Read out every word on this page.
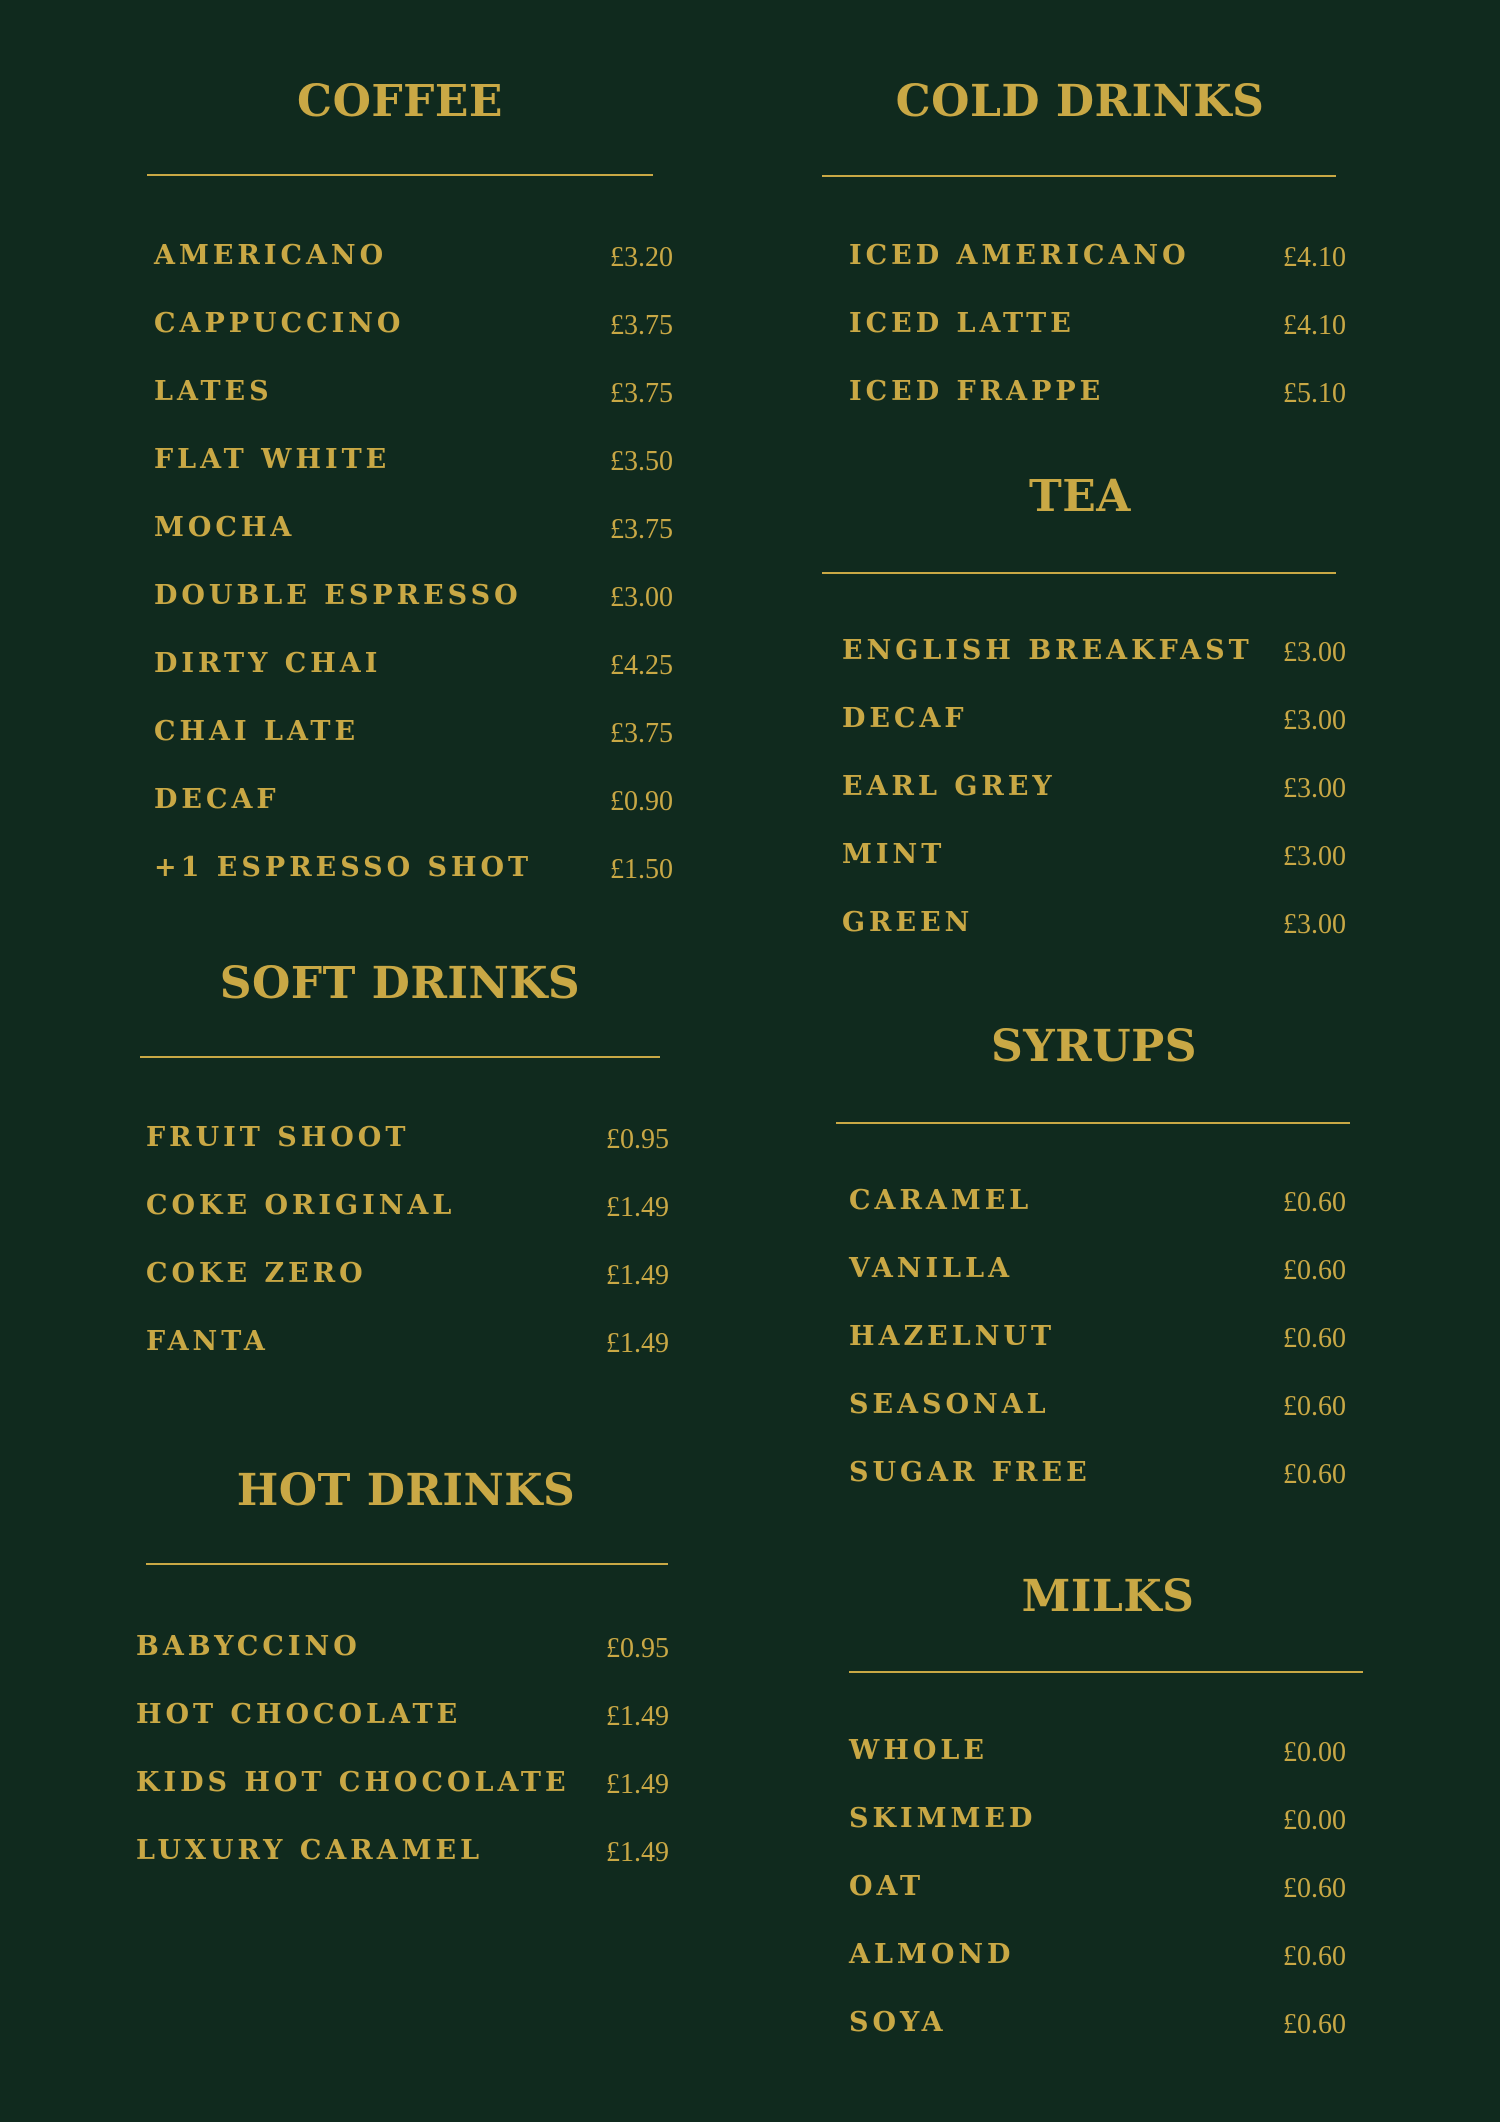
COFFEE
AMERICANO	£3.20
CAPPUCCINO	£3.75
LATES	£3.75
FLAT WHITE	£3.50
MOCHA	£3.75
DOUBLE ESPRESSO	£3.00
DIRTY CHAI	£4.25
CHAI LATE	£3.75
DECAF	£0.90
+1 ESPRESSO SHOT	£1.50
SOFT DRINKS
FRUIT SHOOT	£0.95
COKE ORIGINAL	£1.49
COKE ZERO	£1.49
FANTA	£1.49
HOT DRINKS
BABYCCINO	£0.95
HOT CHOCOLATE	£1.49
KIDS HOT CHOCOLATE £1.49
LUXURY CARAMEL	£1.49
COLD DRINKS
ICED AMERICANO	£4.10
ICED LATTE	£4.10
ICED FRAPPE	£5.10
TEA
ENGLISH BREAKFAST £3.00
DECAF	£3.00
EARL GREY	£3.00
MINT	£3.00
GREEN	£3.00
SYRUPS
CARAMEL	£0.60
VANILLA	£0.60
HAZELNUT	£0.60
SEASONAL	£0.60
SUGAR FREE	£0.60
MILKS
WHOLE	£0.00
SKIMMED	£0.00
OAT	£0.60
ALMOND	£0.60
SOYA	£0.60
